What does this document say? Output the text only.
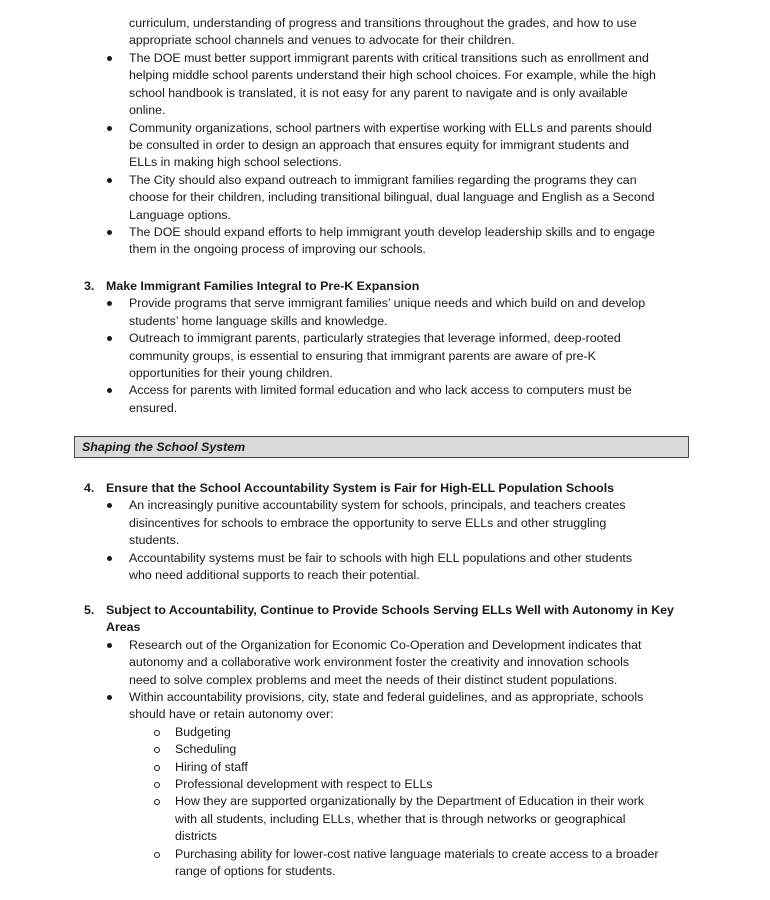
Shaping the School System
curriculum, understanding of progress and transitions throughout the grades, and how to use
appropriate school channels and venues to advocate for their children.
The DOE must better support immigrant parents with critical transitions such as enrollment and
helping middle school parents understand their high school choices. For example, while the high
school handbook is translated, it is not easy for any parent to navigate and is only available
online.
Community organizations, school partners with expertise working with ELLs and parents should
be consulted in order to design an approach that ensures equity for immigrant students and
ELLs in making high school selections.
The City should also expand outreach to immigrant families regarding the programs they can
choose for their children, including transitional bilingual, dual language and English as a Second
Language options.
The DOE should expand efforts to help immigrant youth develop leadership skills and to engage
them in the ongoing process of improving our schools.
3. Make Immigrant Families Integral to Pre-K Expansion
Provide programs that serve immigrant families’ unique needs and which build on and develop
students’ home language skills and knowledge.
Outreach to immigrant parents, particularly strategies that leverage informed, deep-rooted
community groups, is essential to ensuring that immigrant parents are aware of pre-K
opportunities for their young children.
Access for parents with limited formal education and who lack access to computers must be
ensured.
4. Ensure that the School Accountability System is Fair for High-ELL Population Schools
An increasingly punitive accountability system for schools, principals, and teachers creates
disincentives for schools to embrace the opportunity to serve ELLs and other struggling
students.
Accountability systems must be fair to schools with high ELL populations and other students
who need additional supports to reach their potential.
5. Subject to Accountability, Continue to Provide Schools Serving ELLs Well with Autonomy in Key
Areas
Research out of the Organization for Economic Co-Operation and Development indicates that
autonomy and a collaborative work environment foster the creativity and innovation schools
need to solve complex problems and meet the needs of their distinct student populations.
Within accountability provisions, city, state and federal guidelines, and as appropriate, schools
should have or retain autonomy over:
Budgeting
Scheduling
Hiring of staff
Professional development with respect to ELLs
How they are supported organizationally by the Department of Education in their work
with all students, including ELLs, whether that is through networks or geographical
districts
Purchasing ability for lower-cost native language materials to create access to a broader
range of options for students.
